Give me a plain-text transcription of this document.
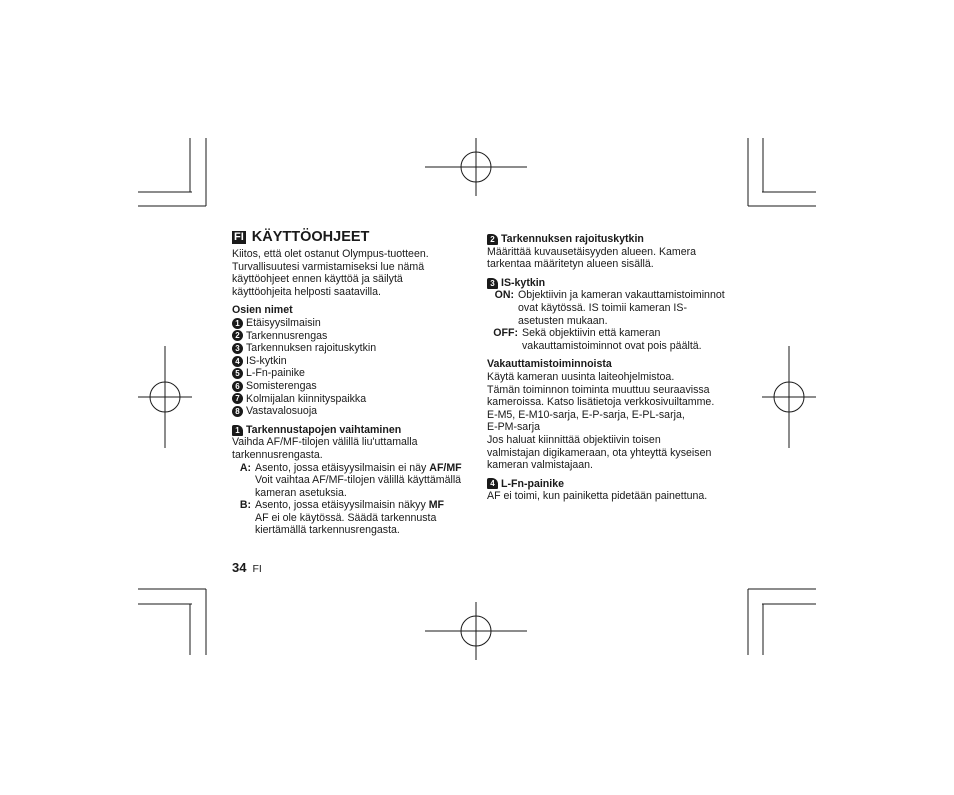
FI KÄYTTÖOHJEET

Kiitos, että olet ostanut Olympus-tuotteen.

Turvallisuutesi varmistamiseksi lue nämä

käyttöohjeet ennen käyttöä ja säilytä

käyttöohjeita helposti saatavilla.

Osien nimet

1 Etäisyysilmaisin
2 Tarkennusrengas
3 Tarkennuksen rajoituskytkin
4 IS-kytkin
5 L-Fn-painike
6 Somisterengas
7 Kolmijalan kiinnityspaikka
8 Vastavalosuoja
1 Tarkennustapojen vaihtaminen

Vaihda AF/MF-tilojen välillä liu'uttamalla

tarkennusrengasta.

A: Asento, jossa etäisyysilmaisin ei näy AF/MF
Voit vaihtaa AF/MF-tilojen välillä käyttämällä
kameran asetuksia.
B: Asento, jossa etäisyysilmaisin näkyy MF
AF ei ole käytössä. Säädä tarkennusta
kiertämällä tarkennusrengasta.
2 Tarkennuksen rajoituskytkin

Määrittää kuvausetäisyyden alueen. Kamera

tarkentaa määritetyn alueen sisällä.

3 IS-kytkin
ON: Objektiivin ja kameran vakauttamistoiminnot
ovat käytössä. IS toimii kameran IS-
asetusten mukaan.
OFF: Sekä objektiivin että kameran
vakauttamistoiminnot ovat pois päältä.

Vakauttamistoiminnoista

Käytä kameran uusinta laiteohjelmistoa.

Tämän toiminnon toiminta muuttuu seuraavissa

kameroissa. Katso lisätietoja verkkosivuiltamme.

E-M5, E-M10-sarja, E-P-sarja, E-PL-sarja,

E-PM-sarja

Jos haluat kiinnittää objektiivin toisen

valmistajan digikameraan, ota yhteyttä kyseisen

kameran valmistajaan.

4 L-Fn-painike

AF ei toimi, kun painiketta pidetään painettuna.

34 FI
